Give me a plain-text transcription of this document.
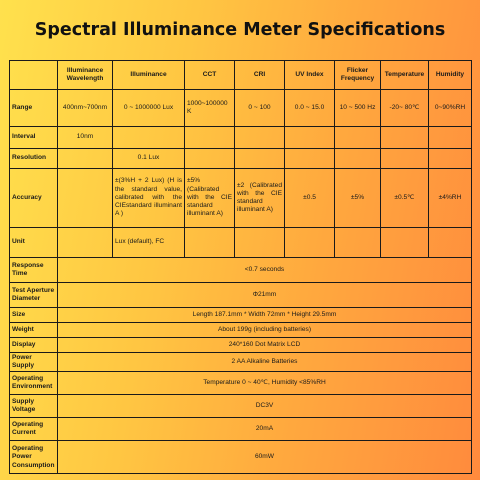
Spectral Illuminance Meter Specifications
	Illuminance Wavelength	Illuminance	CCT	CRI	UV Index	Flicker Frequency	Temperature	Humidity
Range	400nm~700nm	0 ~ 1000000 Lux	1000~100000 K	0 ~ 100	0.0 ~ 15.0	10 ~ 500 Hz	-20~ 80℃	0~90%RH
Interval	10nm							
Resolution		0.1 Lux						
Accuracy		±(3%H + 2 Lux) (H is the standard value, calibrated with the CIEstandard illuminant A )	±5% (Calibrated with the CIE standard illuminant A)	±2 (Calibrated with the CIE standard illuminant A)	±0.5	±5%	±0.5℃	±4%RH
Unit		Lux (default), FC						
Response Time	<0.7 seconds							
Test Aperture Diameter	Φ21mm							
Size	Length 187.1mm * Width 72mm * Height 29.5mm							
Weight	About 199g (including batteries)							
Display	240*160 Dot Matrix LCD							
Power Supply	2 AA Alkaline Batteries							
Operating Environment	Temperature 0 ~ 40℃, Humidity <85%RH							
Supply Voltage	DC3V							
Operating Current	20mA							
Operating Power Consumption	60mW							
